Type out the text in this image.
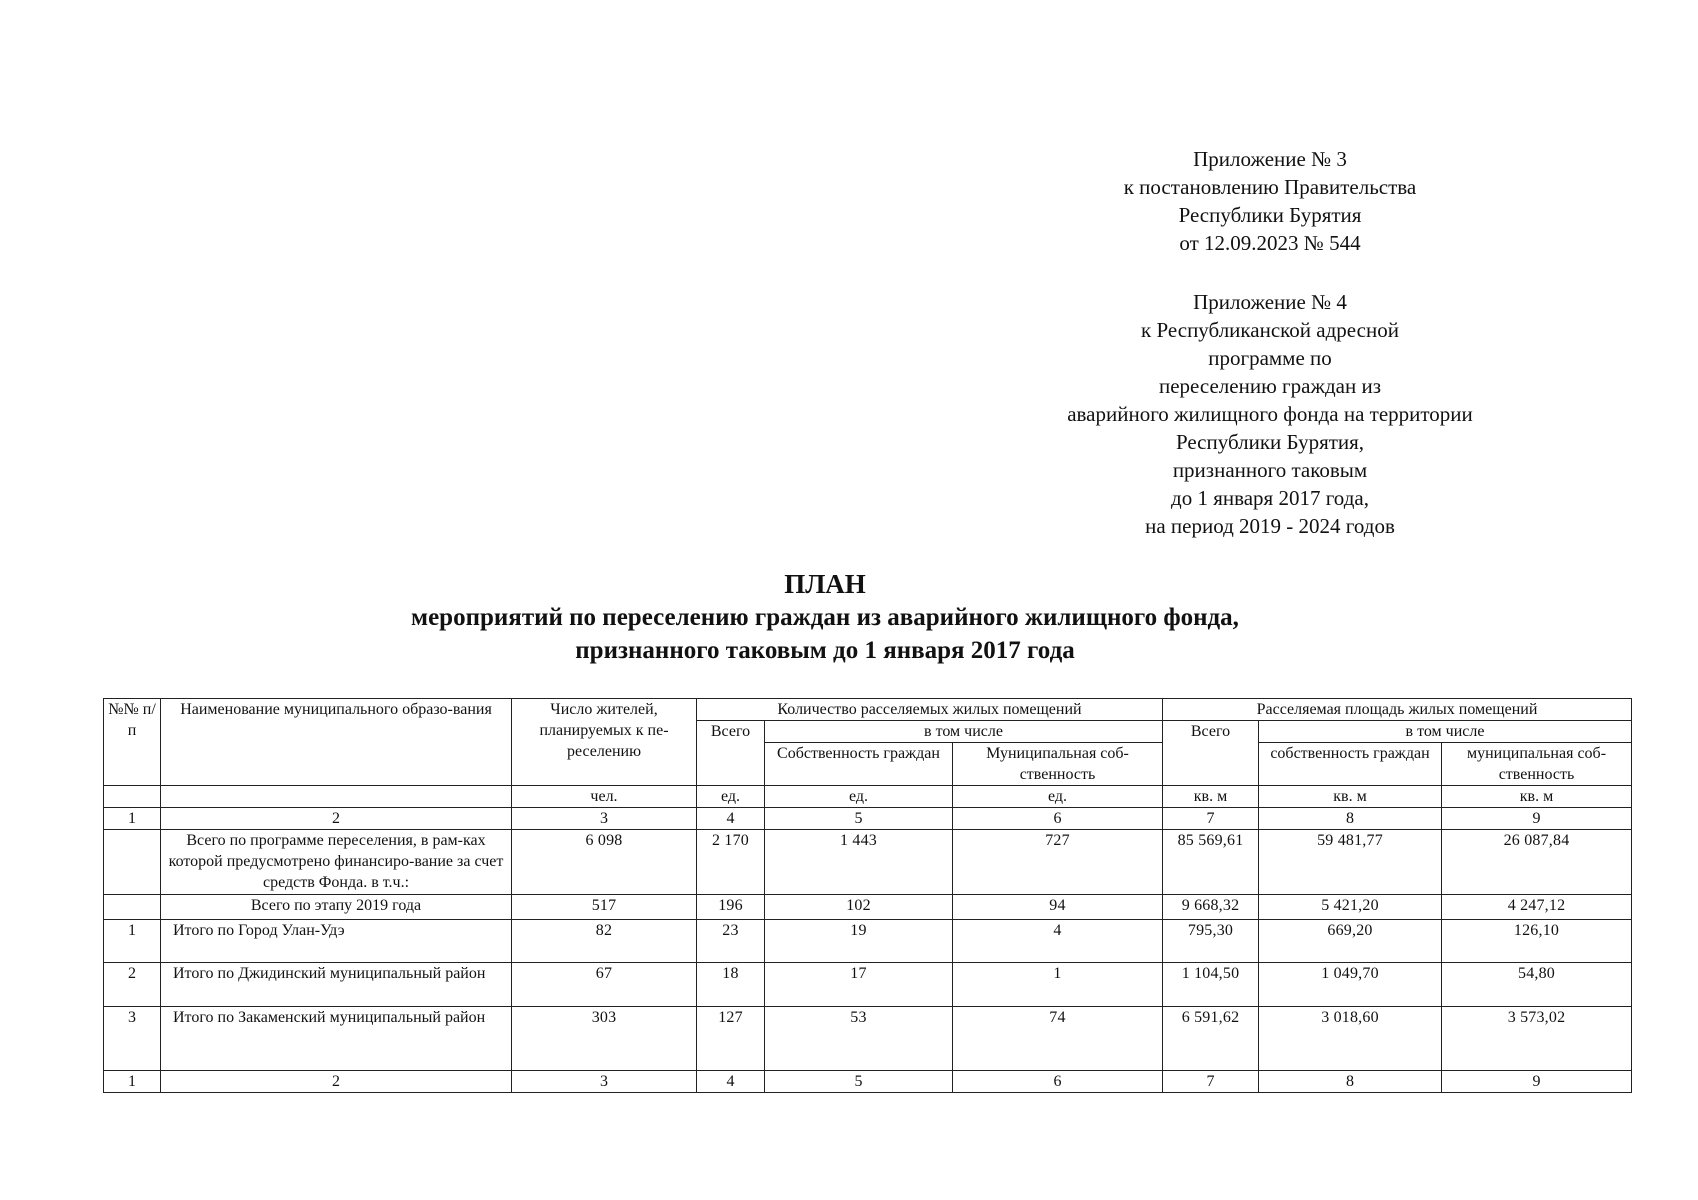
Приложение № 3
к постановлению Правительства
Республики Бурятия
от 12.09.2023 № 544
Приложение № 4
к Республиканской адресной
программе по
переселению граждан из
аварийного жилищного фонда на территории
Республики Бурятия,
признанного таковым
до 1 января 2017 года,
на период 2019 - 2024 годов
ПЛАН
мероприятий по переселению граждан из аварийного жилищного фонда,
признанного таковым до 1 января 2017 года
№№ п/п	Наименование муниципального образо-вания	Число жителей, планируемых к пе-реселению	Количество расселяемых жилых помещений			Расселяемая площадь жилых помещений		
			Всего	в том числе		Всего	в том числе	
				Собственность граждан	Муниципальная соб-ственность		собственность граждан	муниципальная соб-ственность
		чел.	ед.	ед.	ед.	кв. м	кв. м	кв. м
1	2	3	4	5	6	7	8	9
	Всего по программе переселения, в рам-ках которой предусмотрено финансиро-вание за счет средств Фонда. в т.ч.:	6 098	2 170	1 443	727	85 569,61	59 481,77	26 087,84
	Всего по этапу 2019 года	517	196	102	94	9 668,32	5 421,20	4 247,12
1	Итого по Город Улан-Удэ	82	23	19	4	795,30	669,20	126,10
2	Итого по Джидинский муниципальный район	67	18	17	1	1 104,50	1 049,70	54,80
3	Итого по Закаменский муниципальный район	303	127	53	74	6 591,62	3 018,60	3 573,02
1	2	3	4	5	6	7	8	9
